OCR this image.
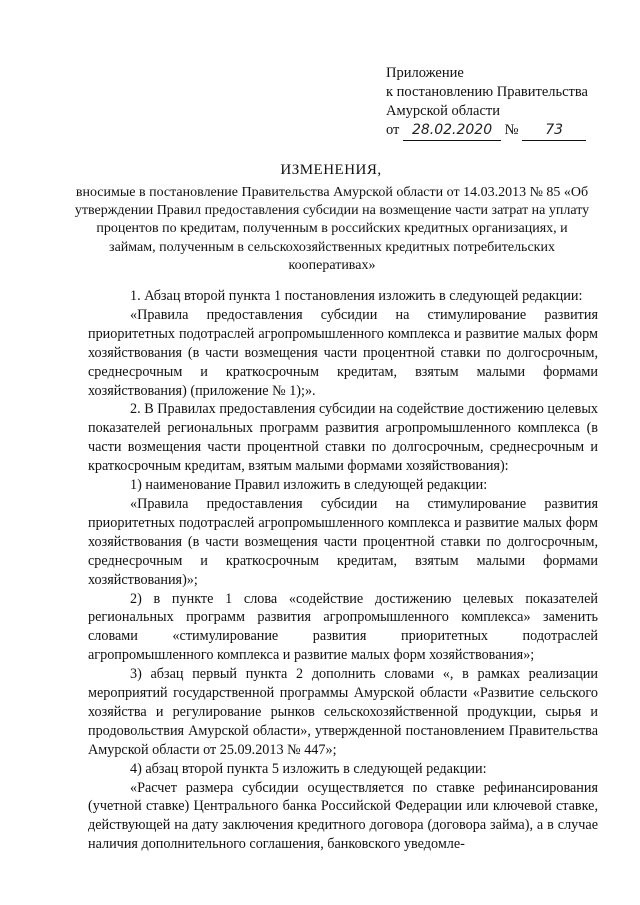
Приложение
к постановлению Правительства
Амурской области
от 28.02.2020 № 73
ИЗМЕНЕНИЯ,
вносимые в постановление Правительства Амурской области от 14.03.2013 № 85 «Об утверждении Правил предоставления субсидии на возмещение части затрат на уплату процентов по кредитам, полученным в российских кредитных организациях, и займам, полученным в сельскохозяйственных кредитных потребительских кооперативах»

1. Абзац второй пункта 1 постановления изложить в следующей редакции:

«Правила предоставления субсидии на стимулирование развития приоритетных подотраслей агропромышленного комплекса и развитие малых форм хозяйствования (в части возмещения части процентной ставки по долгосрочным, среднесрочным и краткосрочным кредитам, взятым малыми формами хозяйствования) (приложение № 1);».

2. В Правилах предоставления субсидии на содействие достижению целевых показателей региональных программ развития агропромышленного комплекса (в части возмещения части процентной ставки по долгосрочным, среднесрочным и краткосрочным кредитам, взятым малыми формами хозяйствования):

1) наименование Правил изложить в следующей редакции:

«Правила предоставления субсидии на стимулирование развития приоритетных подотраслей агропромышленного комплекса и развитие малых форм хозяйствования (в части возмещения части процентной ставки по долгосрочным, среднесрочным и краткосрочным кредитам, взятым малыми формами хозяйствования)»;

2) в пункте 1 слова «содействие достижению целевых показателей региональных программ развития агропромышленного комплекса» заменить словами «стимулирование развития приоритетных подотраслей агропромышленного комплекса и развитие малых форм хозяйствования»;

3) абзац первый пункта 2 дополнить словами «, в рамках реализации мероприятий государственной программы Амурской области «Развитие сельского хозяйства и регулирование рынков сельскохозяйственной продукции, сырья и продовольствия Амурской области», утвержденной постановлением Правительства Амурской области от 25.09.2013 № 447»;

4) абзац второй пункта 5 изложить в следующей редакции:

«Расчет размера субсидии осуществляется по ставке рефинансирования (учетной ставке) Центрального банка Российской Федерации или ключевой ставке, действующей на дату заключения кредитного договора (договора займа), а в случае наличия дополнительного соглашения, банковского уведомле-
